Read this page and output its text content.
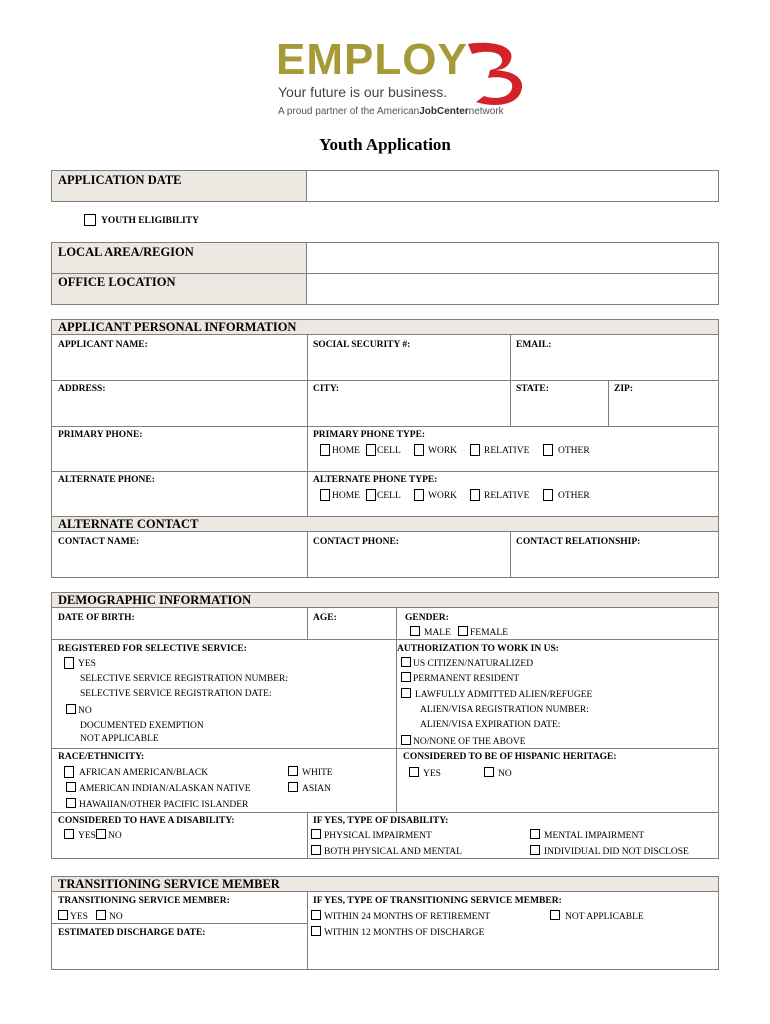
EMPLOY
Your future is our business.
A proud partner of the AmericanJobCenternetwork
Youth Application
APPLICATION DATE
YOUTH ELIGIBILITY
LOCAL AREA/REGION
OFFICE LOCATION
APPLICANT PERSONAL INFORMATION
APPLICANT NAME:	SOCIAL SECURITY #:	EMAIL:
ADDRESS:	CITY:	STATE:	ZIP:
PRIMARY PHONE:	PRIMARY PHONE TYPE:
HOME CELL	WORK	RELATIVE	OTHER
ALTERNATE PHONE:	ALTERNATE PHONE TYPE:
HOME CELL	WORK	RELATIVE	OTHER
ALTERNATE CONTACT
CONTACT NAME:	CONTACT PHONE:	CONTACT RELATIONSHIP:
DEMOGRAPHIC INFORMATION
DATE OF BIRTH:	AGE:	GENDER:
MALE FEMALE
REGISTERED FOR SELECTIVE SERVICE:
YES
SELECTIVE SERVICE REGISTRATION NUMBER:
SELECTIVE SERVICE REGISTRATION DATE:
NO
DOCUMENTED EXEMPTION
NOT APPLICABLE
AUTHORIZATION TO WORK IN US:
US CITIZEN/NATURALIZED
PERMANENT RESIDENT
LAWFULLY ADMITTED ALIEN/REFUGEE
ALIEN/VISA REGISTRATION NUMBER:
ALIEN/VISA EXPIRATION DATE:
NO/NONE OF THE ABOVE
RACE/ETHNICITY:
AFRICAN AMERICAN/BLACK	WHITE
AMERICAN INDIAN/ALASKAN NATIVE	ASIAN
HAWAIIAN/OTHER PACIFIC ISLANDER
CONSIDERED TO BE OF HISPANIC HERITAGE:
YES	NO
CONSIDERED TO HAVE A DISABILITY:
YES NO
IF YES, TYPE OF DISABILITY:
PHYSICAL IMPAIRMENT	MENTAL IMPAIRMENT
BOTH PHYSICAL AND MENTAL	INDIVIDUAL DID NOT DISCLOSE
TRANSITIONING SERVICE MEMBER
TRANSITIONING SERVICE MEMBER:
YES NO
ESTIMATED DISCHARGE DATE:
IF YES, TYPE OF TRANSITIONING SERVICE MEMBER:
WITHIN 24 MONTHS OF RETIREMENT	NOT APPLICABLE
WITHIN 12 MONTHS OF DISCHARGE
